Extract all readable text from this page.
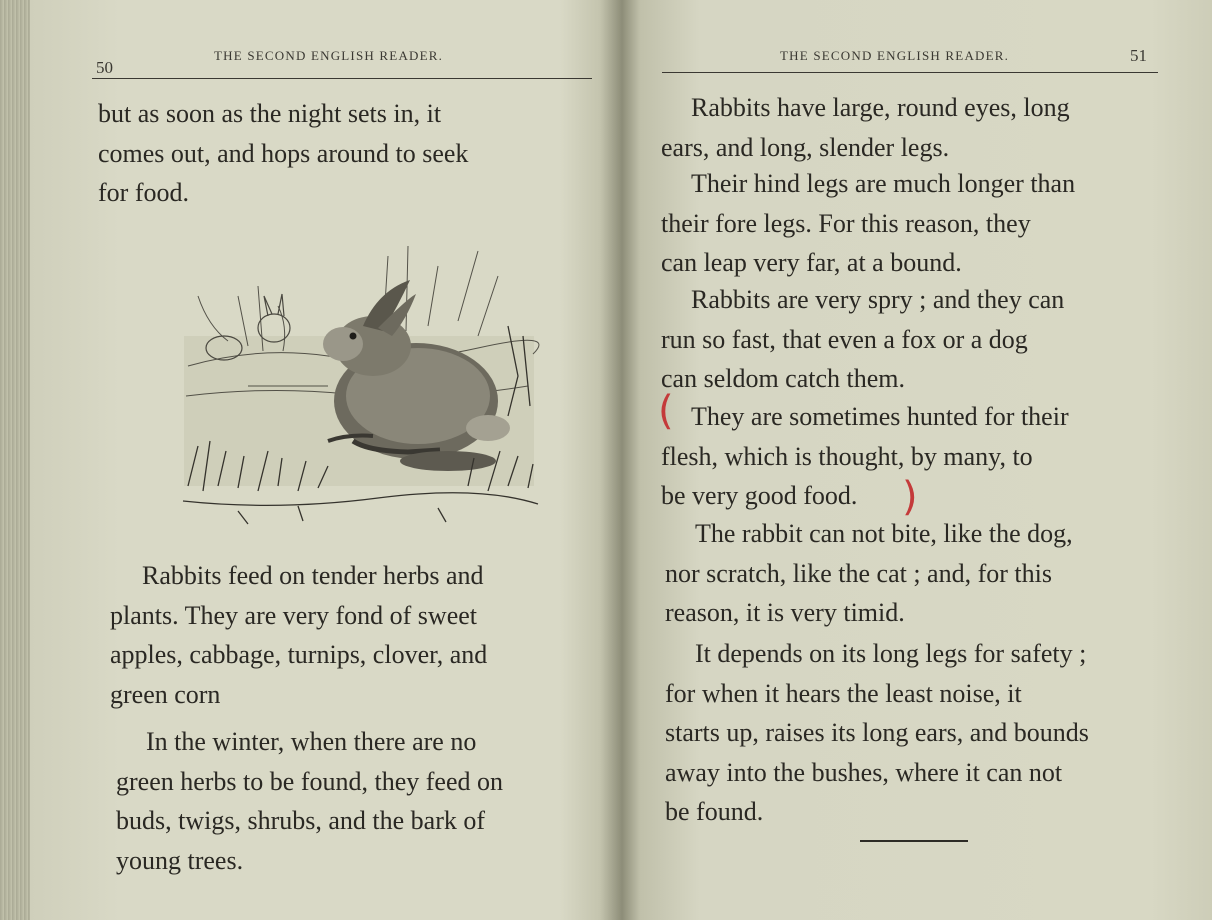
50
THE SECOND ENGLISH READER.
but as soon as the night sets in, it
comes out, and hops around to seek
for food.
Rabbits feed on tender herbs and
plants. They are very fond of sweet
apples, cabbage, turnips, clover, and
green corn
In the winter, when there are no
green herbs to be found, they feed on
buds, twigs, shrubs, and the bark of
young trees.
THE SECOND ENGLISH READER.	51
Rabbits have large, round eyes, long
ears, and long, slender legs.
Their hind legs are much longer than
their fore legs. For this reason, they
can leap very far, at a bound.
Rabbits are very spry ; and they can
run so fast, that even a fox or a dog
can seldom catch them.
( They are sometimes hunted for their
flesh, which is thought, by many, to
be very good food.	)
The rabbit can not bite, like the dog,
nor scratch, like the cat ; and, for this
reason, it is very timid.
It depends on its long legs for safety ;
for when it hears the least noise, it
starts up, raises its long ears, and bounds
away into the bushes, where it can not
be found.
